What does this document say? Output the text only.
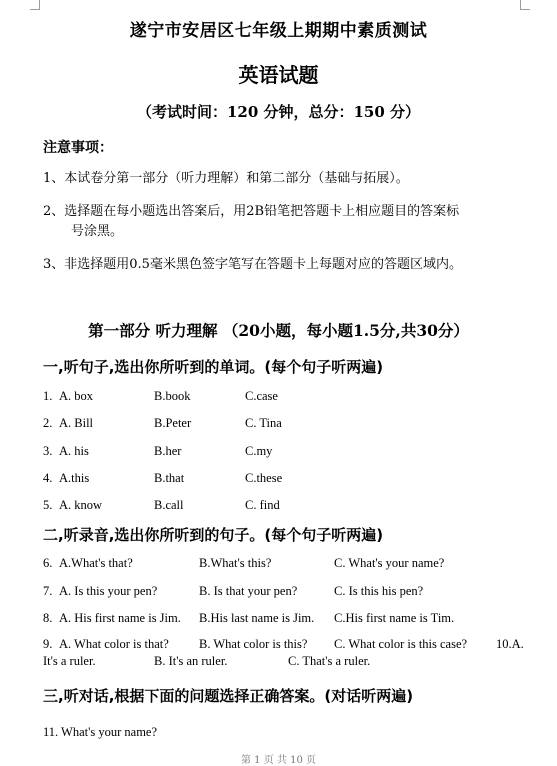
遂宁市安居区七年级上期期中素质测试
英语试题
（考试时间：120 分钟，总分：150 分）
注意事项：
1、本试卷分第一部分（听力理解）和第二部分（基础与拓展）。
2、选择题在每小题选出答案后，用2B铅笔把答题卡上相应题目的答案标
号涂黑。
3、非选择题用0.5毫米黑色签字笔写在答题卡上每题对应的答题区域内。
第一部分 听力理解 （20小题，每小题1.5分,共30分）
一,听句子,选出你所听到的单词。(每个句子听两遍)
1. A. box	B.book	C.case
2. A. Bill	B.Peter	C. Tina
3. A. his	B.her	C.my
4. A.this	B.that	C.these
5. A. know	B.call	C. find
二,听录音,选出你所听到的句子。(每个句子听两遍)
6. A.What's that?	B.What's this?	C. What's your name?
7. A. Is this your pen?	B. Is that your pen?	C. Is this his pen?
8. A. His first name is Jim. B.His last name is Jim. C.His first name is Tim.
9. A. What color is that? B. What color is this? C. What color is this case? 10.A.
It's a ruler.	B. It's an ruler.	C. That's a ruler.
三,听对话,根据下面的问题选择正确答案。(对话听两遍)
11. What's your name?
第 1 页 共 10 页
